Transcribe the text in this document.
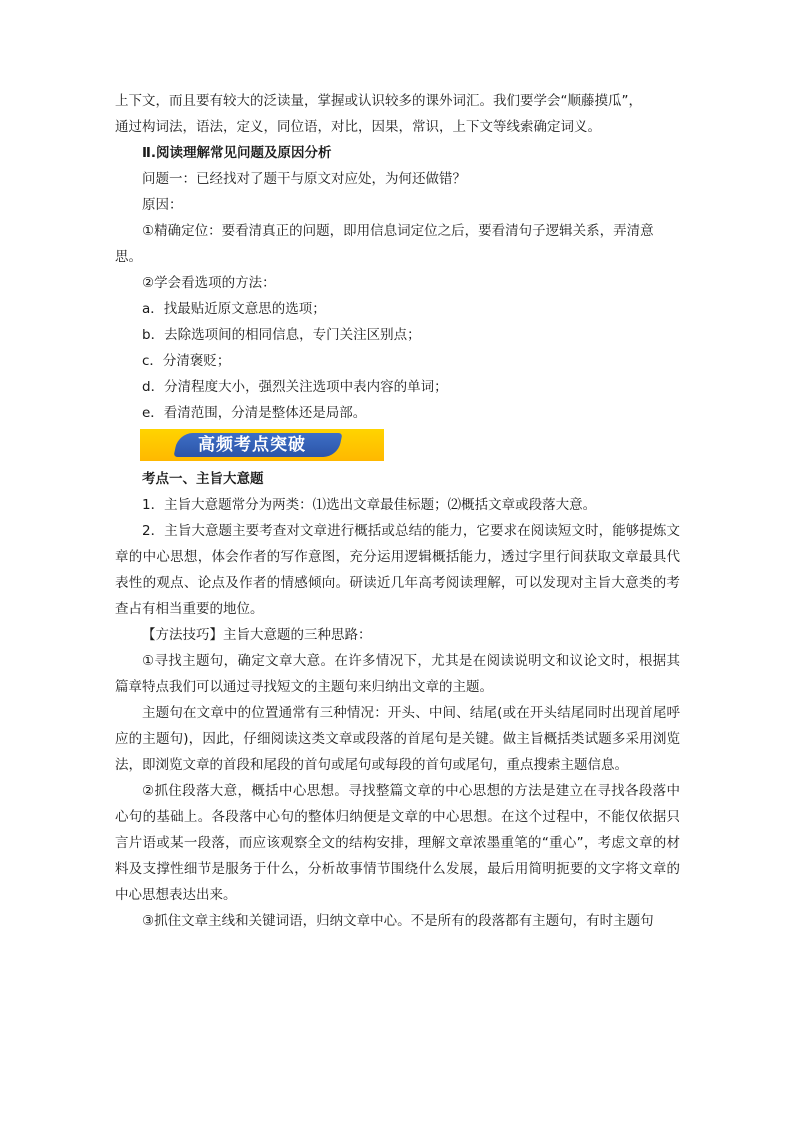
上下文，而且要有较大的泛读量，掌握或认识较多的课外词汇。我们要学会“顺藤摸瓜”，
通过构词法，语法，定义，同位语，对比，因果，常识，上下文等线索确定词义。
Ⅱ.阅读理解常见问题及原因分析
问题一：已经找对了题干与原文对应处，为何还做错？
原因：
①精确定位：要看清真正的问题，即用信息词定位之后，要看清句子逻辑关系，弄清意
思。
②学会看选项的方法：
a．找最贴近原文意思的选项；
b．去除选项间的相同信息，专门关注区别点；
c．分清褒贬；
d．分清程度大小，强烈关注选项中表内容的单词；
e．看清范围，分清是整体还是局部。
高频考点突破
考点一、主旨大意题

1．主旨大意题常分为两类：⑴选出文章最佳标题；⑵概括文章或段落大意。

2．主旨大意题主要考查对文章进行概括或总结的能力，它要求在阅读短文时，能够提炼文章的中心思想，体会作者的写作意图，充分运用逻辑概括能力，透过字里行间获取文章最具代表性的观点、论点及作者的情感倾向。研读近几年高考阅读理解，可以发现对主旨大意类的考查占有相当重要的地位。

【方法技巧】主旨大意题的三种思路：

①寻找主题句，确定文章大意。在许多情况下，尤其是在阅读说明文和议论文时，根据其篇章特点我们可以通过寻找短文的主题句来归纳出文章的主题。

主题句在文章中的位置通常有三种情况：开头、中间、结尾(或在开头结尾同时出现首尾呼应的主题句)，因此，仔细阅读这类文章或段落的首尾句是关键。做主旨概括类试题多采用浏览法，即浏览文章的首段和尾段的首句或尾句或每段的首句或尾句，重点搜索主题信息。

②抓住段落大意，概括中心思想。寻找整篇文章的中心思想的方法是建立在寻找各段落中心句的基础上。各段落中心句的整体归纳便是文章的中心思想。在这个过程中，不能仅依据只言片语或某一段落，而应该观察全文的结构安排，理解文章浓墨重笔的“重心”，考虑文章的材料及支撑性细节是服务于什么，分析故事情节围绕什么发展，最后用简明扼要的文字将文章的中心思想表达出来。

③抓住文章主线和关键词语，归纳文章中心。不是所有的段落都有主题句，有时主题句
